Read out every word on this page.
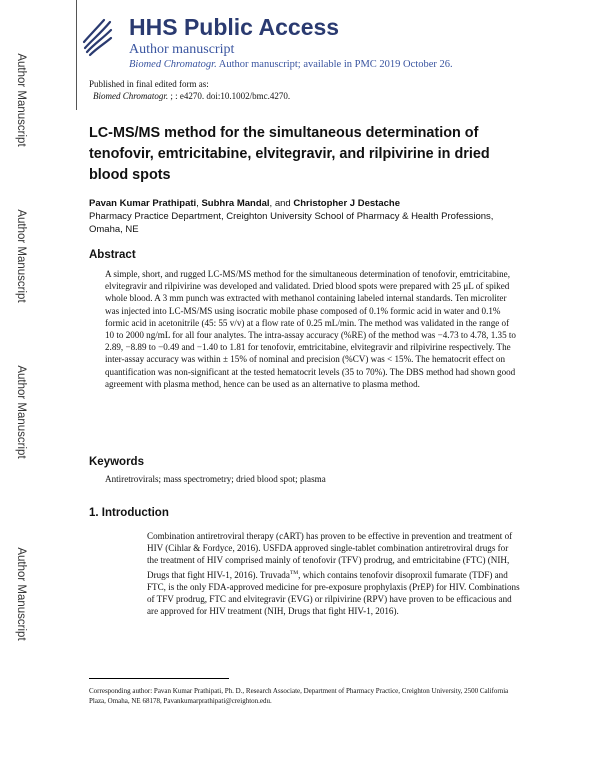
Author Manuscript
Author Manuscript
Author Manuscript
Author Manuscript
HHS Public Access
Author manuscript
Biomed Chromatogr. Author manuscript; available in PMC 2019 October 26.
Published in final edited form as:
Biomed Chromatogr. ; : e4270. doi:10.1002/bmc.4270.
LC-MS/MS method for the simultaneous determination of tenofovir, emtricitabine, elvitegravir, and rilpivirine in dried blood spots
Pavan Kumar Prathipati, Subhra Mandal, and Christopher J Destache
Pharmacy Practice Department, Creighton University School of Pharmacy & Health Professions, Omaha, NE
Abstract
A simple, short, and rugged LC-MS/MS method for the simultaneous determination of tenofovir, emtricitabine, elvitegravir and rilpivirine was developed and validated. Dried blood spots were prepared with 25 μL of spiked whole blood. A 3 mm punch was extracted with methanol containing labeled internal standards. Ten microliter was injected into LC-MS/MS using isocratic mobile phase composed of 0.1% formic acid in water and 0.1% formic acid in acetonitrile (45: 55 v/v) at a flow rate of 0.25 mL/min. The method was validated in the range of 10 to 2000 ng/mL for all four analytes. The intra-assay accuracy (%RE) of the method was −4.73 to 4.78, 1.35 to 2.89, −8.89 to −0.49 and −1.40 to 1.81 for tenofovir, emtricitabine, elvitegravir and rilpivirine respectively. The inter-assay accuracy was within ± 15% of nominal and precision (%CV) was < 15%. The hematocrit effect on quantification was non-significant at the tested hematocrit levels (35 to 70%). The DBS method had shown good agreement with plasma method, hence can be used as an alternative to plasma method.
Keywords
Antiretrovirals; mass spectrometry; dried blood spot; plasma
1. Introduction
Combination antiretroviral therapy (cART) has proven to be effective in prevention and treatment of HIV (Cihlar & Fordyce, 2016). USFDA approved single-tablet combination antiretroviral drugs for the treatment of HIV comprised mainly of tenofovir (TFV) prodrug, and emtricitabine (FTC) (NIH, Drugs that fight HIV-1, 2016). Truvada™, which contains tenofovir disoproxil fumarate (TDF) and FTC, is the only FDA-approved medicine for pre-exposure prophylaxis (PrEP) for HIV. Combinations of TFV prodrug, FTC and elvitegravir (EVG) or rilpivirine (RPV) have proven to be efficacious and are approved for HIV treatment (NIH, Drugs that fight HIV-1, 2016).
Corresponding author: Pavan Kumar Prathipati, Ph. D., Research Associate, Department of Pharmacy Practice, Creighton University, 2500 California Plaza, Omaha, NE 68178, Pavankumarprathipati@creighton.edu.
